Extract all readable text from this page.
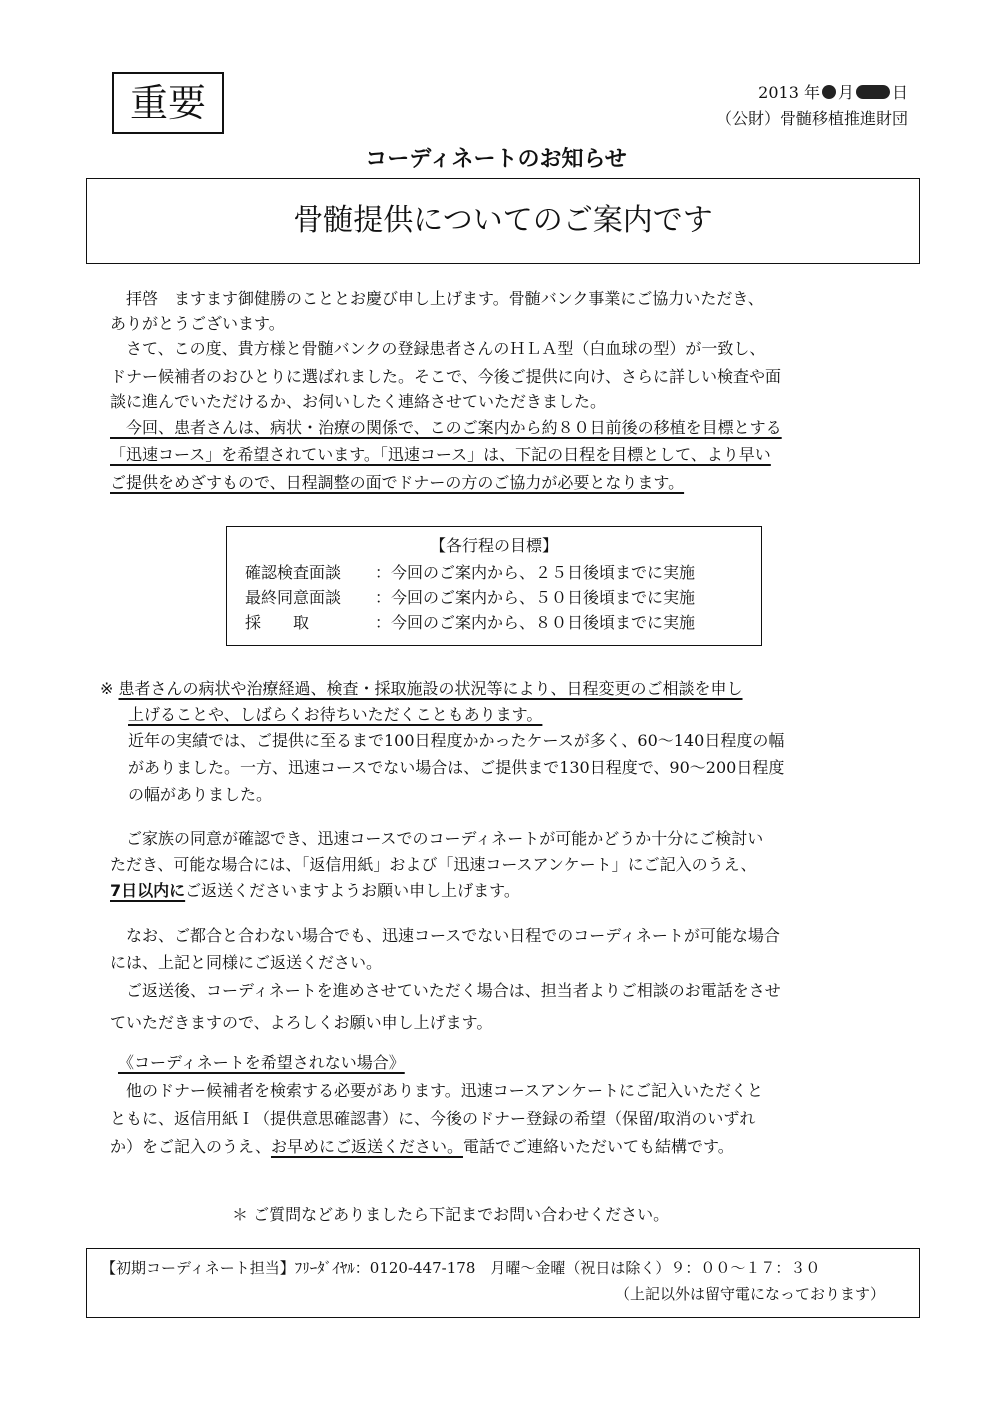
重要	2013 年 月 日
（公財）骨髄移植推進財団
コーディネートのお知らせ
骨髄提供についてのご案内です
　拝啓　ますます御健勝のこととお慶び申し上げます。骨髄バンク事業にご協力いただき、
ありがとうございます。
　さて、この度、貴方様と骨髄バンクの登録患者さんのＨＬＡ型（白血球の型）が一致し、
ドナー候補者のおひとりに選ばれました。そこで、今後ご提供に向け、さらに詳しい検査や面
談に進んでいただけるか、お伺いしたく連絡させていただきました。
　今回、患者さんは、病状・治療の関係で、このご案内から約８０日前後の移植を目標とする
「迅速コース」を希望されています。「迅速コース」は、下記の日程を目標として、より早い
ご提供をめざすもので、日程調整の面でドナーの方のご協力が必要となります。
【各行程の目標】
確認検査面談 ：今回のご案内から、２５日後頃までに実施
最終同意面談 ：今回のご案内から、５０日後頃までに実施
採　　取	：今回のご案内から、８０日後頃までに実施
※ 患者さんの病状や治療経過、検査・採取施設の状況等により、日程変更のご相談を申し
上げることや、しばらくお待ちいただくこともあります。
近年の実績では、ご提供に至るまで100日程度かかったケースが多く、60～140日程度の幅
がありました。一方、迅速コースでない場合は、ご提供まで130日程度で、90～200日程度
の幅がありました。
　ご家族の同意が確認でき、迅速コースでのコーディネートが可能かどうか十分にご検討い
ただき、可能な場合には、「返信用紙」および「迅速コースアンケート」にご記入のうえ、
7日以内にご返送くださいますようお願い申し上げます。
　なお、ご都合と合わない場合でも、迅速コースでない日程でのコーディネートが可能な場合
には、上記と同様にご返送ください。
　ご返送後、コーディネートを進めさせていただく場合は、担当者よりご相談のお電話をさせ
ていただきますので、よろしくお願い申し上げます。
《コーディネートを希望されない場合》
　他のドナー候補者を検索する必要があります。迅速コースアンケートにご記入いただくと
ともに、返信用紙Ｉ（提供意思確認書）に、今後のドナー登録の希望（保留/取消のいずれ
か）をご記入のうえ、お早めにご返送ください。電話でご連絡いただいても結構です。
＊ ご質問などありましたら下記までお問い合わせください。
【初期コーディネート担当】ﾌﾘｰﾀﾞｲﾔﾙ：0120-447-178　月曜～金曜（祝日は除く）９：００～１７：３０
（上記以外は留守電になっております）
